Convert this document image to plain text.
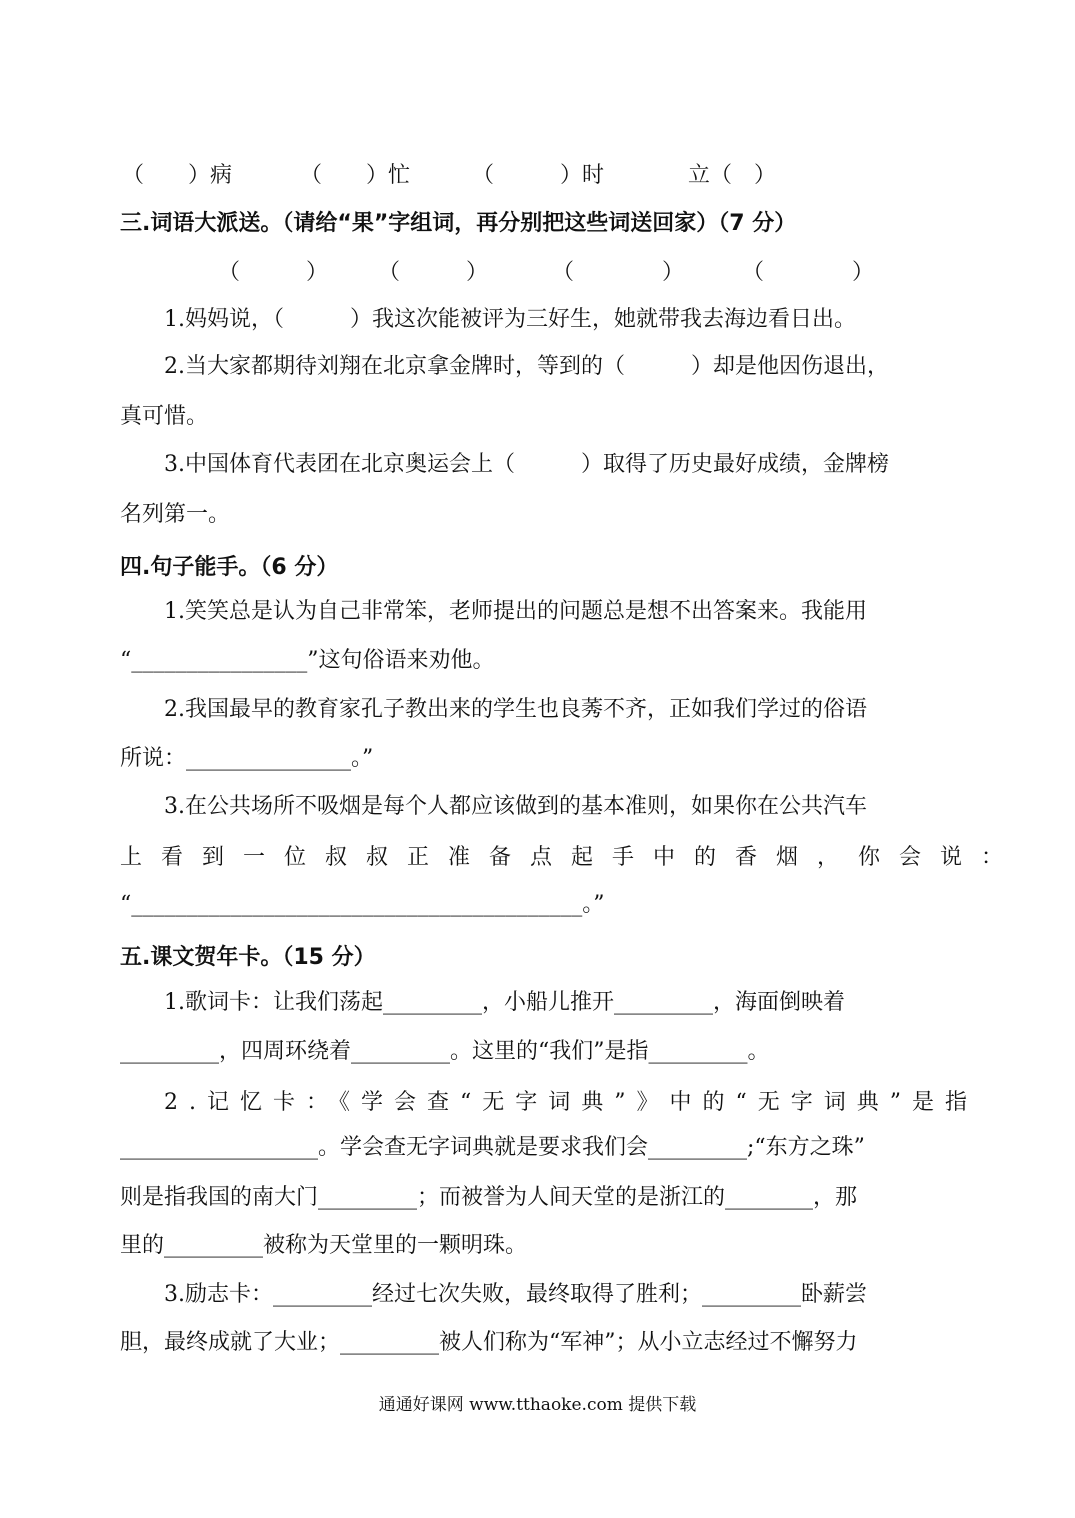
（　　）病	（　　）忙	（　　　）时	立（　）
三.词语大派送。（请给“果”字组词，再分别把这些词送回家）（7 分）
（　　　） （　　　）	（　　　　）	（　　　　）
1.妈妈说，（　　　）我这次能被评为三好生，她就带我去海边看日出。
2.当大家都期待刘翔在北京拿金牌时，等到的（　　　）却是他因伤退出，
真可惜。
3.中国体育代表团在北京奥运会上（　　　）取得了历史最好成绩，金牌榜
名列第一。
四.句子能手。（6 分）
1.笑笑总是认为自己非常笨，老师提出的问题总是想不出答案来。我能用
“________________”这句俗语来劝他。
2.我国最早的教育家孔子教出来的学生也良莠不齐，正如我们学过的俗语
所说：_______________。”
3.在公共场所不吸烟是每个人都应该做到的基本准则，如果你在公共汽车
上看到一位叔叔正准备点起手中的香烟，你会说：
“_________________________________________。”
五.课文贺年卡。（15 分）
1.歌词卡：让我们荡起_________，小船儿推开_________，海面倒映着
_________，四周环绕着_________。这里的“我们”是指_________。
2.记忆卡：《学会查“无字词典”》中的“无字词典”是指
__________________。学会查无字词典就是要求我们会_________;“东方之珠”
则是指我国的南大门_________；而被誉为人间天堂的是浙江的________，那
里的_________被称为天堂里的一颗明珠。
3.励志卡：_________经过七次失败，最终取得了胜利；_________卧薪尝
胆，最终成就了大业；_________被人们称为“军神”；从小立志经过不懈努力
通通好课网 www.tthaoke.com 提供下载
